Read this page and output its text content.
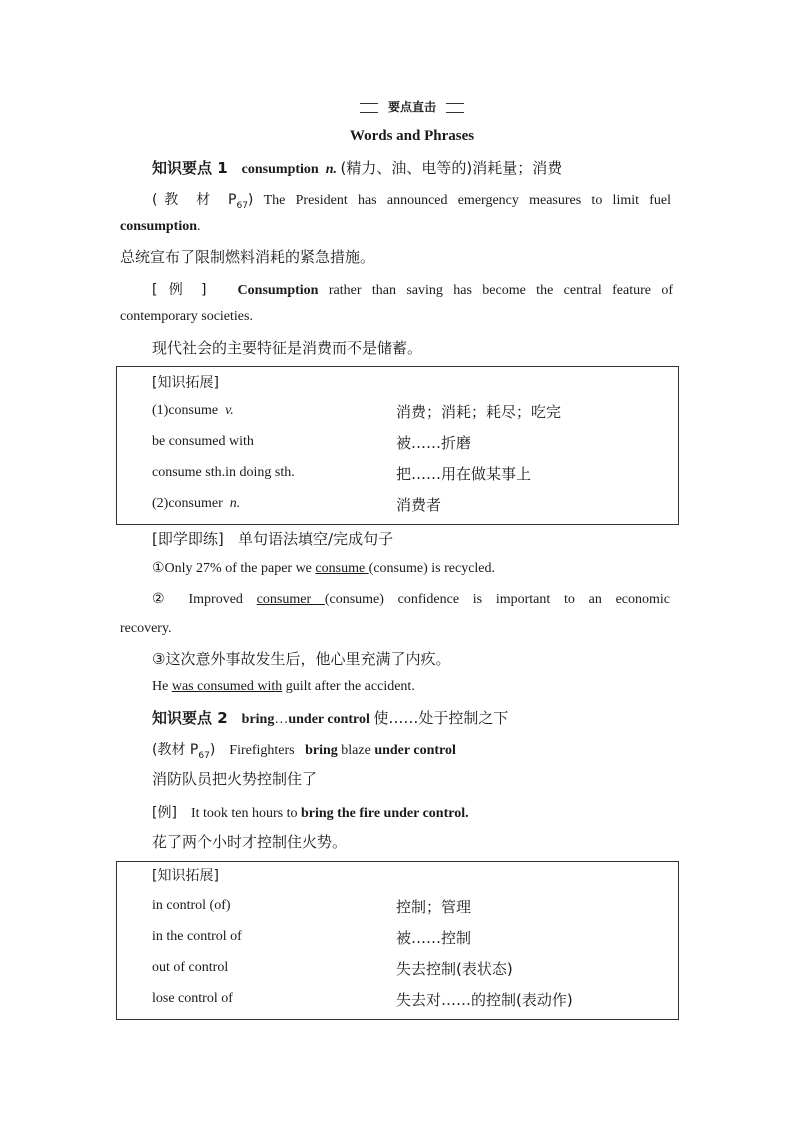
要点直击
Words and Phrases
知识要点 1 consumption n. (精力、油、电等的)消耗量；消费
(教 材 $P_{67}$) The President has announced emergency measures to limit fuel
consumption.
总统宣布了限制燃料消耗的紧急措施。
[ 例 ] Consumption rather than saving has become the central feature of
contemporary societies.
现代社会的主要特征是消费而不是储蓄。
[知识拓展]
(1)consume v.	消费；消耗；耗尽；吃完
be consumed with	被……折磨
consume sth.in doing sth.	把……用在做某事上
(2)consumer n.	消费者
[即学即练] 单句语法填空/完成句子
①Only 27% of the paper we consume (consume) is recycled.
② Improved consumer (consume) confidence is important to an economic
recovery.
③这次意外事故发生后，他心里充满了内疚。
He was consumed with guilt after the accident.
知识要点 2 bring…under control 使……处于控制之下
(教材 $P_{67}$) Firefighters bring blaze under control
消防队员把火势控制住了
[例] It took ten hours to bring the fire under control.
花了两个小时才控制住火势。
[知识拓展]
in control (of)	控制；管理
in the control of	被……控制
out of control	失去控制(表状态)
lose control of	失去对……的控制(表动作)
